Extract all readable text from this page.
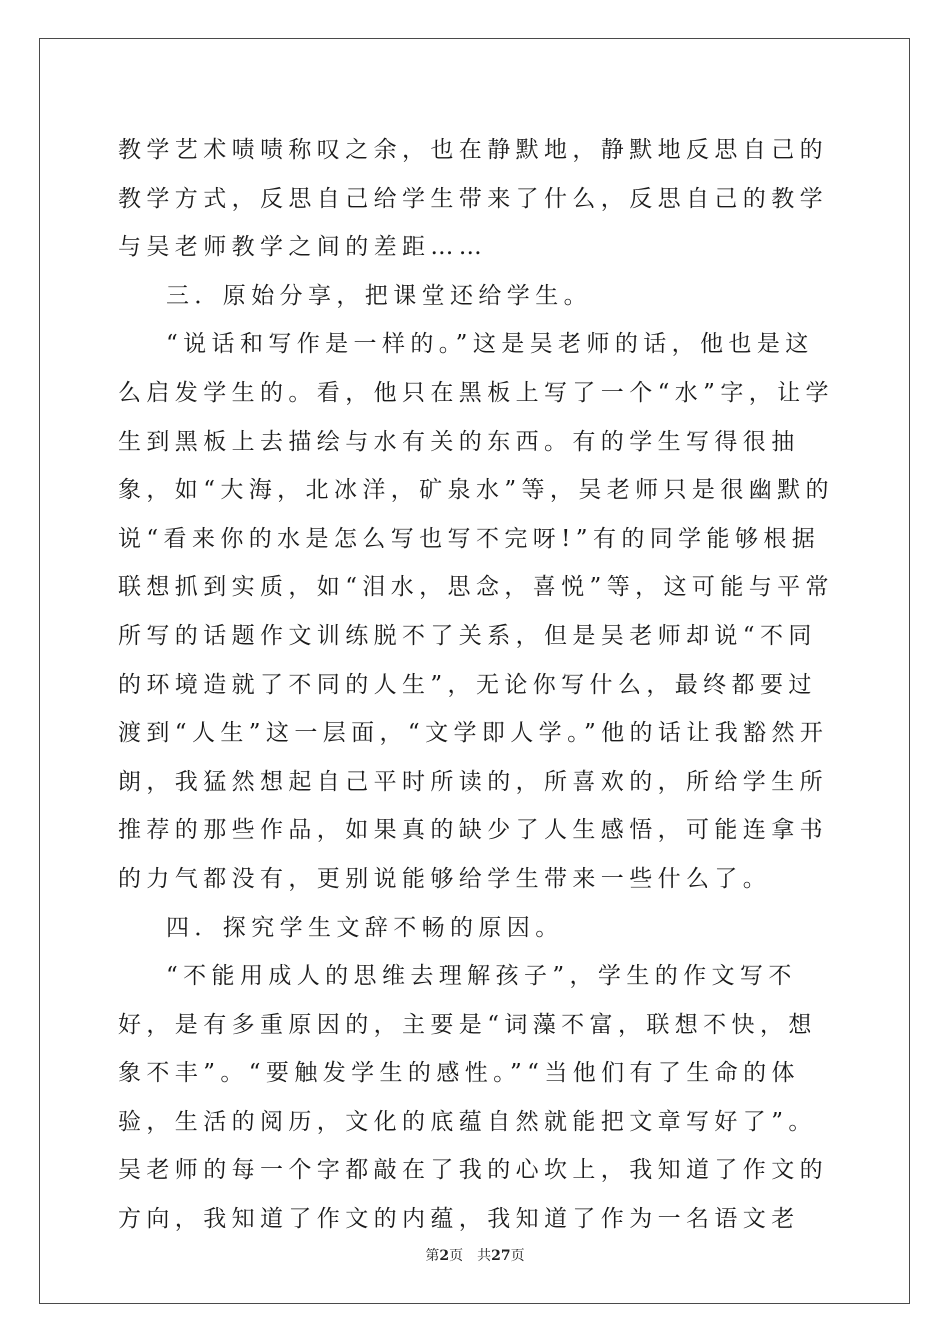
教学艺术啧啧称叹之余，也在静默地，静默地反思自己的教学方式，反思自己给学生带来了什么，反思自己的教学与吴老师教学之间的差距……

三．原始分享，把课堂还给学生。

“说话和写作是一样的。”这是吴老师的话，他也是这么启发学生的。看，他只在黑板上写了一个“水”字，让学生到黑板上去描绘与水有关的东西。有的学生写得很抽象，如“大海，北冰洋，矿泉水”等，吴老师只是很幽默的说“看来你的水是怎么写也写不完呀!”有的同学能够根据联想抓到实质，如“泪水，思念，喜悦”等，这可能与平常所写的话题作文训练脱不了关系，但是吴老师却说“不同的环境造就了不同的人生”，无论你写什么，最终都要过渡到“人生”这一层面，“文学即人学。”他的话让我豁然开朗，我猛然想起自己平时所读的，所喜欢的，所给学生所推荐的那些作品，如果真的缺少了人生感悟，可能连拿书的力气都没有，更别说能够给学生带来一些什么了。

四．探究学生文辞不畅的原因。

“不能用成人的思维去理解孩子”，学生的作文写不好，是有多重原因的，主要是“词藻不富，联想不快，想象不丰”。“要触发学生的感性。”“当他们有了生命的体验，生活的阅历，文化的底蕴自然就能把文章写好了”。吴老师的每一个字都敲在了我的心坎上，我知道了作文的方向，我知道了作文的内蕴，我知道了作为一名语文老

第2页 共27页
